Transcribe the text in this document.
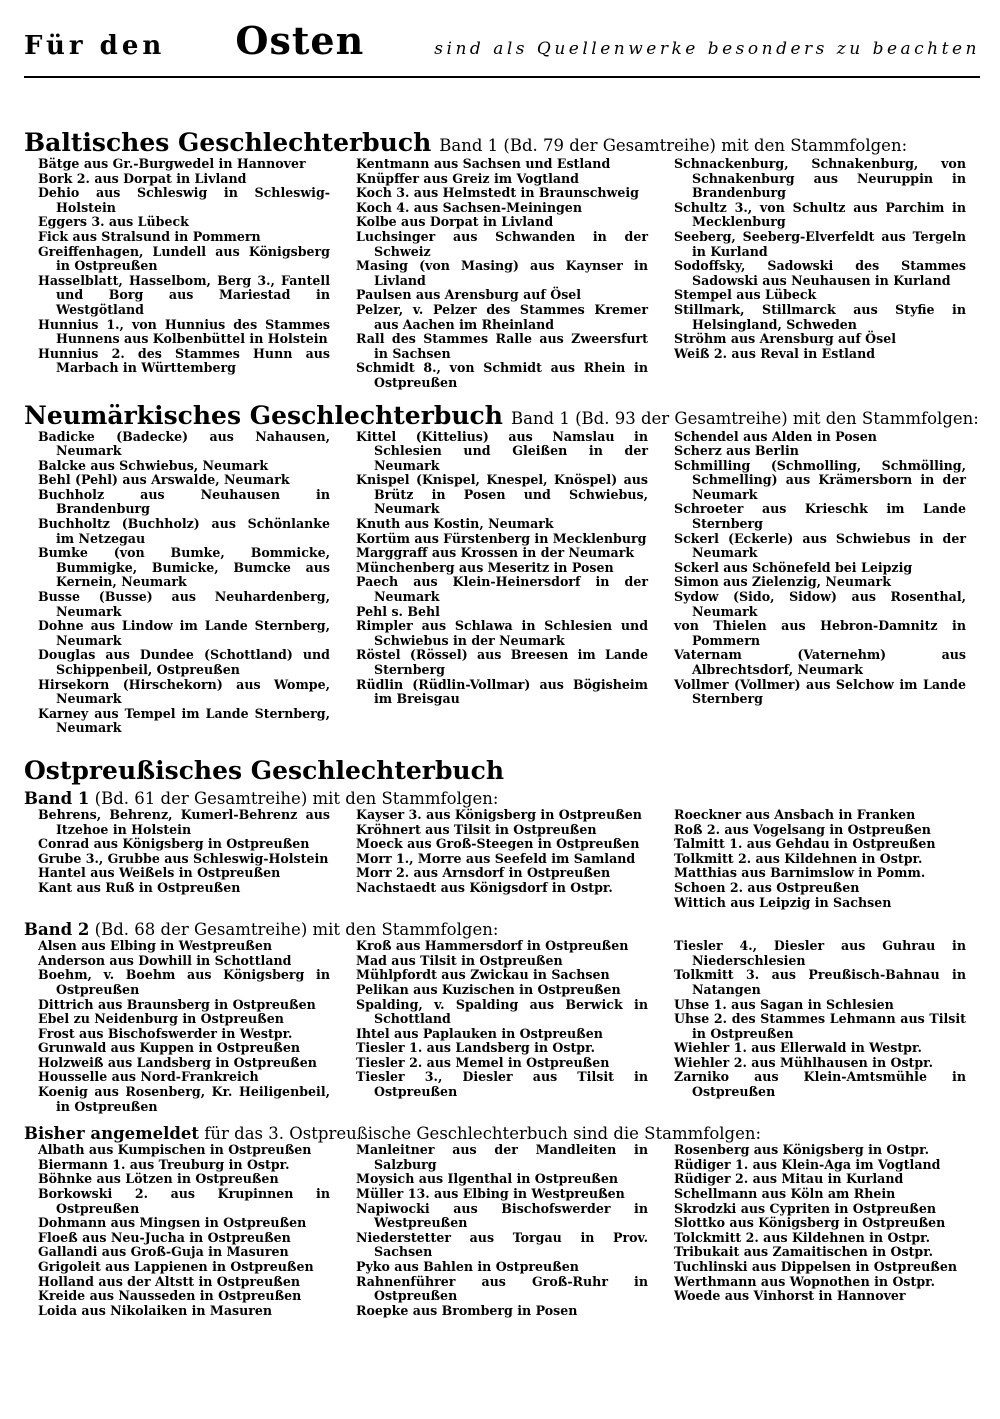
Für den Osten	sind als Quellenwerke besonders zu beachten
Baltisches Geschlechterbuch Band 1 (Bd. 79 der Gesamtreihe) mit den Stammfolgen:
Bätge aus Gr.-Burgwedel in Hannover
Bork 2. aus Dorpat in Livland
Dehio aus Schleswig in Schleswig-Holstein
Eggers 3. aus Lübeck
Fick aus Stralsund in Pommern
Greiffenhagen, Lundell aus Königsberg in Ostpreußen
Hasselblatt, Hasselbom, Berg 3., Fantell und Borg aus Mariestad in Westgötland
Hunnius 1., von Hunnius des Stammes Hunnens aus Kolbenbüttel in Holstein
Hunnius 2. des Stammes Hunn aus Marbach in Württemberg
Kentmann aus Sachsen und Estland
Knüpffer aus Greiz im Vogtland
Koch 3. aus Helmstedt in Braunschweig
Koch 4. aus Sachsen-Meiningen
Kolbe aus Dorpat in Livland
Luchsinger aus Schwanden in der Schweiz
Masing (von Masing) aus Kaynser in Livland
Paulsen aus Arensburg auf Ösel
Pelzer, v. Pelzer des Stammes Kremer aus Aachen im Rheinland
Rall des Stammes Ralle aus Zweersfurt in Sachsen
Schmidt 8., von Schmidt aus Rhein in Ostpreußen
Schnackenburg, Schnakenburg, von Schnakenburg aus Neuruppin in Brandenburg
Schultz 3., von Schultz aus Parchim in Mecklenburg
Seeberg, Seeberg-Elverfeldt aus Tergeln in Kurland
Sodoffsky, Sadowski des Stammes Sadowski aus Neuhausen in Kurland
Stempel aus Lübeck
Stillmark, Stillmarck aus Styfie in Helsingland, Schweden
Ströhm aus Arensburg auf Ösel
Weiß 2. aus Reval in Estland
Neumärkisches Geschlechterbuch Band 1 (Bd. 93 der Gesamtreihe) mit den Stammfolgen:
Badicke (Badecke) aus Nahausen, Neumark
Balcke aus Schwiebus, Neumark
Behl (Pehl) aus Arswalde, Neumark
Buchholz aus Neuhausen in Brandenburg
Buchholtz (Buchholz) aus Schönlanke im Netzegau
Bumke (von Bumke, Bommicke, Bummigke, Bumicke, Bumcke aus Kernein, Neumark
Busse (Busse) aus Neuhardenberg, Neumark
Dohne aus Lindow im Lande Sternberg, Neumark
Douglas aus Dundee (Schottland) und Schippenbeil, Ostpreußen
Hirsekorn (Hirschekorn) aus Wompe, Neumark
Karney aus Tempel im Lande Sternberg, Neumark
Kittel (Kittelius) aus Namslau in Schlesien und Gleißen in der Neumark
Knispel (Knispel, Knespel, Knöspel) aus Brütz in Posen und Schwiebus, Neumark
Knuth aus Kostin, Neumark
Kortüm aus Fürstenberg in Mecklenburg
Marggraff aus Krossen in der Neumark
Münchenberg aus Meseritz in Posen
Paech aus Klein-Heinersdorf in der Neumark
Pehl s. Behl
Rimpler aus Schlawa in Schlesien und Schwiebus in der Neumark
Röstel (Rössel) aus Breesen im Lande Sternberg
Rüdlin (Rüdlin-Vollmar) aus Bögisheim im Breisgau
Schendel aus Alden in Posen
Scherz aus Berlin
Schmilling (Schmolling, Schmölling, Schmelling) aus Krämersborn in der Neumark
Schroeter aus Krieschk im Lande Sternberg
Sckerl (Eckerle) aus Schwiebus in der Neumark
Sckerl aus Schönefeld bei Leipzig
Simon aus Zielenzig, Neumark
Sydow (Sido, Sidow) aus Rosenthal, Neumark
von Thielen aus Hebron-Damnitz in Pommern
Vaternam (Vaternehm) aus Albrechtsdorf, Neumark
Vollmer (Vollmer) aus Selchow im Lande Sternberg
Ostpreußisches Geschlechterbuch
Band 1 (Bd. 61 der Gesamtreihe) mit den Stammfolgen:
Behrens, Behrenz, Kumerl-Behrenz aus Itzehoe in Holstein
Conrad aus Königsberg in Ostpreußen
Grube 3., Grubbe aus Schleswig-Holstein
Hantel aus Weißels in Ostpreußen
Kant aus Ruß in Ostpreußen
Kayser 3. aus Königsberg in Ostpreußen
Kröhnert aus Tilsit in Ostpreußen
Moeck aus Groß-Steegen in Ostpreußen
Morr 1., Morre aus Seefeld im Samland
Morr 2. aus Arnsdorf in Ostpreußen
Nachstaedt aus Königsdorf in Ostpr.
Roeckner aus Ansbach in Franken
Roß 2. aus Vogelsang in Ostpreußen
Talmitt 1. aus Gehdau in Ostpreußen
Tolkmitt 2. aus Kildehnen in Ostpr.
Matthias aus Barnimslow in Pomm.
Schoen 2. aus Ostpreußen
Wittich aus Leipzig in Sachsen
Band 2 (Bd. 68 der Gesamtreihe) mit den Stammfolgen:
Alsen aus Elbing in Westpreußen
Anderson aus Dowhill in Schottland
Boehm, v. Boehm aus Königsberg in Ostpreußen
Dittrich aus Braunsberg in Ostpreußen
Ebel zu Neidenburg in Ostpreußen
Frost aus Bischofswerder in Westpr.
Grunwald aus Kuppen in Ostpreußen
Holzweiß aus Landsberg in Ostpreußen
Housselle aus Nord-Frankreich
Koenig aus Rosenberg, Kr. Heiligenbeil, in Ostpreußen
Kroß aus Hammersdorf in Ostpreußen
Mad aus Tilsit in Ostpreußen
Mühlpfordt aus Zwickau in Sachsen
Pelikan aus Kuzischen in Ostpreußen
Spalding, v. Spalding aus Berwick in Schottland
Ihtel aus Paplauken in Ostpreußen
Tiesler 1. aus Landsberg in Ostpr.
Tiesler 2. aus Memel in Ostpreußen
Tiesler 3., Diesler aus Tilsit in Ostpreußen
Tiesler 4., Diesler aus Guhrau in Niederschlesien
Tolkmitt 3. aus Preußisch-Bahnau in Natangen
Uhse 1. aus Sagan in Schlesien
Uhse 2. des Stammes Lehmann aus Tilsit in Ostpreußen
Wiehler 1. aus Ellerwald in Westpr.
Wiehler 2. aus Mühlhausen in Ostpr.
Zarniko aus Klein-Amtsmühle in Ostpreußen
Bisher angemeldet für das 3. Ostpreußische Geschlechterbuch sind die Stammfolgen:
Albath aus Kumpischen in Ostpreußen
Biermann 1. aus Treuburg in Ostpr.
Böhnke aus Lötzen in Ostpreußen
Borkowski 2. aus Krupinnen in Ostpreußen
Dohmann aus Mingsen in Ostpreußen
Floeß aus Neu-Jucha in Ostpreußen
Gallandi aus Groß-Guja in Masuren
Grigoleit aus Lappienen in Ostpreußen
Holland aus der Altstt in Ostpreußen
Kreide aus Nausseden in Ostpreußen
Loida aus Nikolaiken in Masuren
Manleitner aus der Mandleiten in Salzburg
Moysich aus Ilgenthal in Ostpreußen
Müller 13. aus Elbing in Westpreußen
Napiwocki aus Bischofswerder in Westpreußen
Niederstetter aus Torgau in Prov. Sachsen
Pyko aus Bahlen in Ostpreußen
Rahnenführer aus Groß-Ruhr in Ostpreußen
Roepke aus Bromberg in Posen
Rosenberg aus Königsberg in Ostpr.
Rüdiger 1. aus Klein-Aga im Vogtland
Rüdiger 2. aus Mitau in Kurland
Schellmann aus Köln am Rhein
Skrodzki aus Cypriten in Ostpreußen
Slottko aus Königsberg in Ostpreußen
Tolckmitt 2. aus Kildehnen in Ostpr.
Tribukait aus Zamaitischen in Ostpr.
Tuchlinski aus Dippelsen in Ostpreußen
Werthmann aus Wopnothen in Ostpr.
Woede aus Vinhorst in Hannover
